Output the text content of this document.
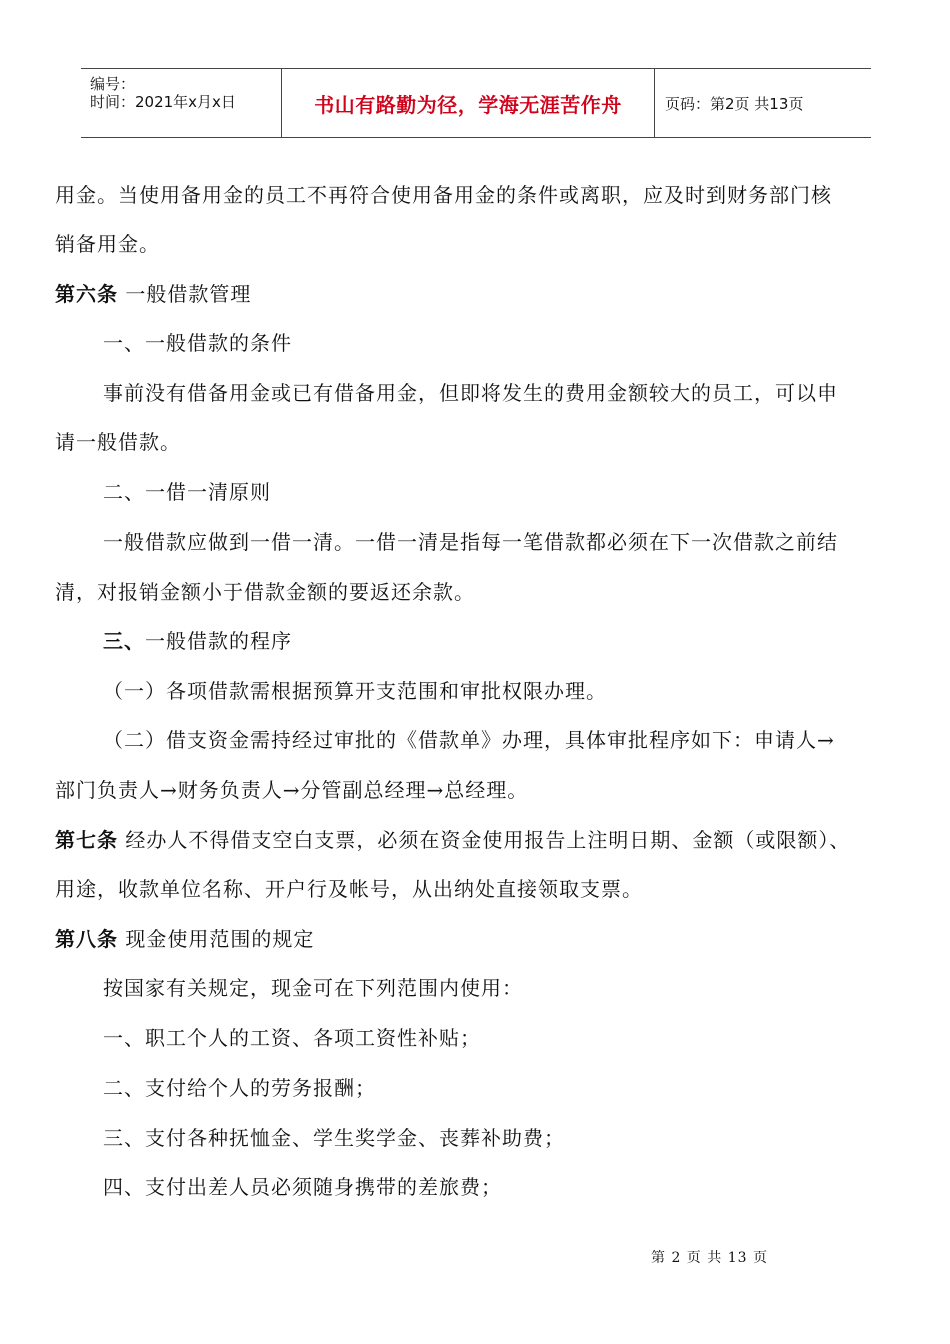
编号：
时间：2021年x月x日	书山有路勤为径，学海无涯苦作舟	页码：第2页 共13页
用金。当使用备用金的员工不再符合使用备用金的条件或离职，应及时到财务部门核
销备用金。
第六条 一般借款管理
一、一般借款的条件
事前没有借备用金或已有借备用金，但即将发生的费用金额较大的员工，可以申
请一般借款。
二、一借一清原则
一般借款应做到一借一清。一借一清是指每一笔借款都必须在下一次借款之前结
清，对报销金额小于借款金额的要返还余款。
三、一般借款的程序
（一）各项借款需根据预算开支范围和审批权限办理。
（二）借支资金需持经过审批的《借款单》办理，具体审批程序如下：申请人→
部门负责人→财务负责人→分管副总经理→总经理。
第七条 经办人不得借支空白支票，必须在资金使用报告上注明日期、金额（或限额）、
用途，收款单位名称、开户行及帐号，从出纳处直接领取支票。
第八条 现金使用范围的规定
按国家有关规定，现金可在下列范围内使用：
一、职工个人的工资、各项工资性补贴；
二、支付给个人的劳务报酬；
三、支付各种抚恤金、学生奖学金、丧葬补助费；
四、支付出差人员必须随身携带的差旅费；
第 2 页 共 13 页
